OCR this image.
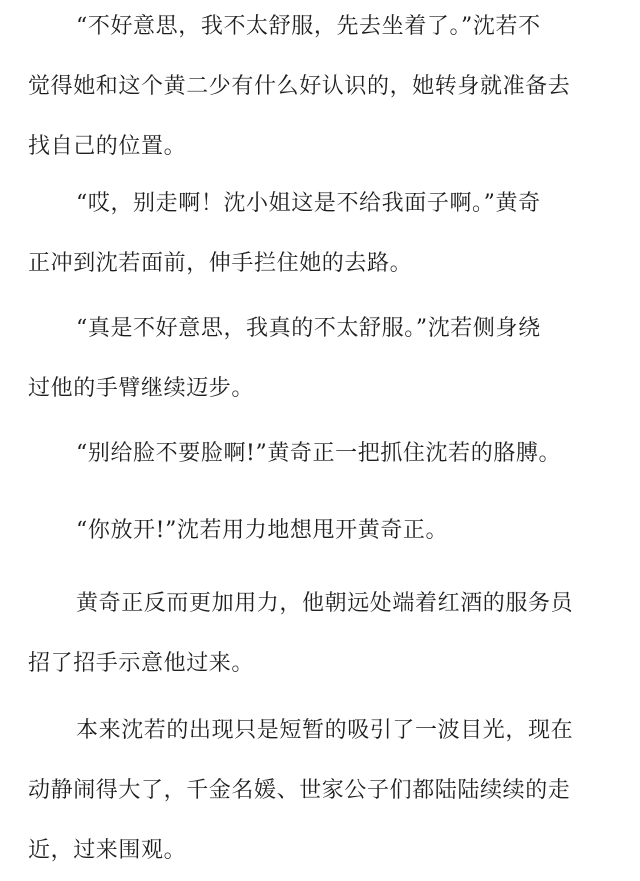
“不好意思，我不太舒服，先去坐着了。”沈若不
觉得她和这个黄二少有什么好认识的，她转身就准备去
找自己的位置。
“哎，别走啊！沈小姐这是不给我面子啊。”黄奇
正冲到沈若面前，伸手拦住她的去路。
“真是不好意思，我真的不太舒服。”沈若侧身绕
过他的手臂继续迈步。
“别给脸不要脸啊!”黄奇正一把抓住沈若的胳膊。
“你放开!”沈若用力地想甩开黄奇正。
黄奇正反而更加用力，他朝远处端着红酒的服务员
招了招手示意他过来。
本来沈若的出现只是短暂的吸引了一波目光，现在
动静闹得大了，千金名媛、世家公子们都陆陆续续的走
近，过来围观。
